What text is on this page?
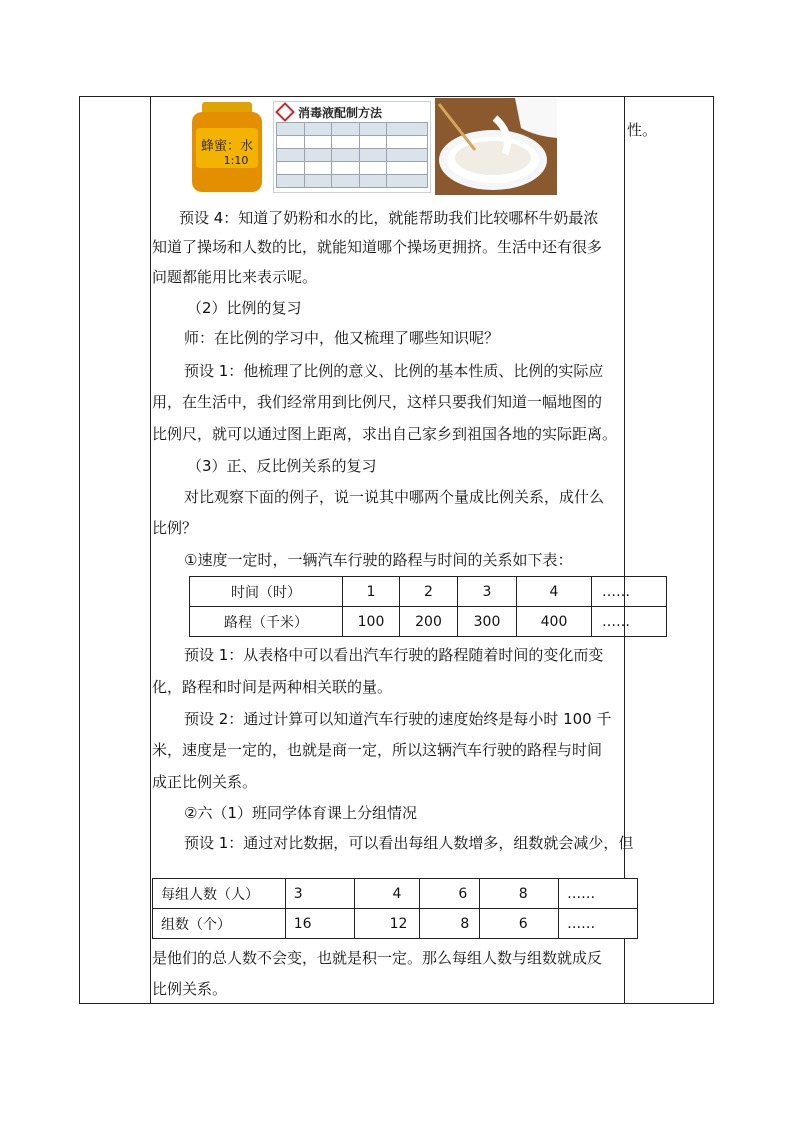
蜂蜜：水
1:10
消毒液配制方法

性。
预设 4：知道了奶粉和水的比，就能帮助我们比较哪杯牛奶最浓
知道了操场和人数的比，就能知道哪个操场更拥挤。生活中还有很多
问题都能用比来表示呢。
（2）比例的复习
师：在比例的学习中，他又梳理了哪些知识呢？
预设 1：他梳理了比例的意义、比例的基本性质、比例的实际应
用，在生活中，我们经常用到比例尺，这样只要我们知道一幅地图的
比例尺，就可以通过图上距离，求出自己家乡到祖国各地的实际距离。
（3）正、反比例关系的复习
对比观察下面的例子，说一说其中哪两个量成比例关系，成什么
比例？
①速度一定时，一辆汽车行驶的路程与时间的关系如下表：
时间（时）	1	2	3	4	……
路程（千米）	100	200	300	400	……
预设 1：从表格中可以看出汽车行驶的路程随着时间的变化而变
化，路程和时间是两种相关联的量。
预设 2：通过计算可以知道汽车行驶的速度始终是每小时 100 千
米，速度是一定的，也就是商一定，所以这辆汽车行驶的路程与时间
成正比例关系。
②六（1）班同学体育课上分组情况
预设 1：通过对比数据，可以看出每组人数增多，组数就会减少，但
每组人数（人）	3	4	6	8	……
组数（个）	16	12	8	6	……
是他们的总人数不会变，也就是积一定。那么每组人数与组数就成反
比例关系。
